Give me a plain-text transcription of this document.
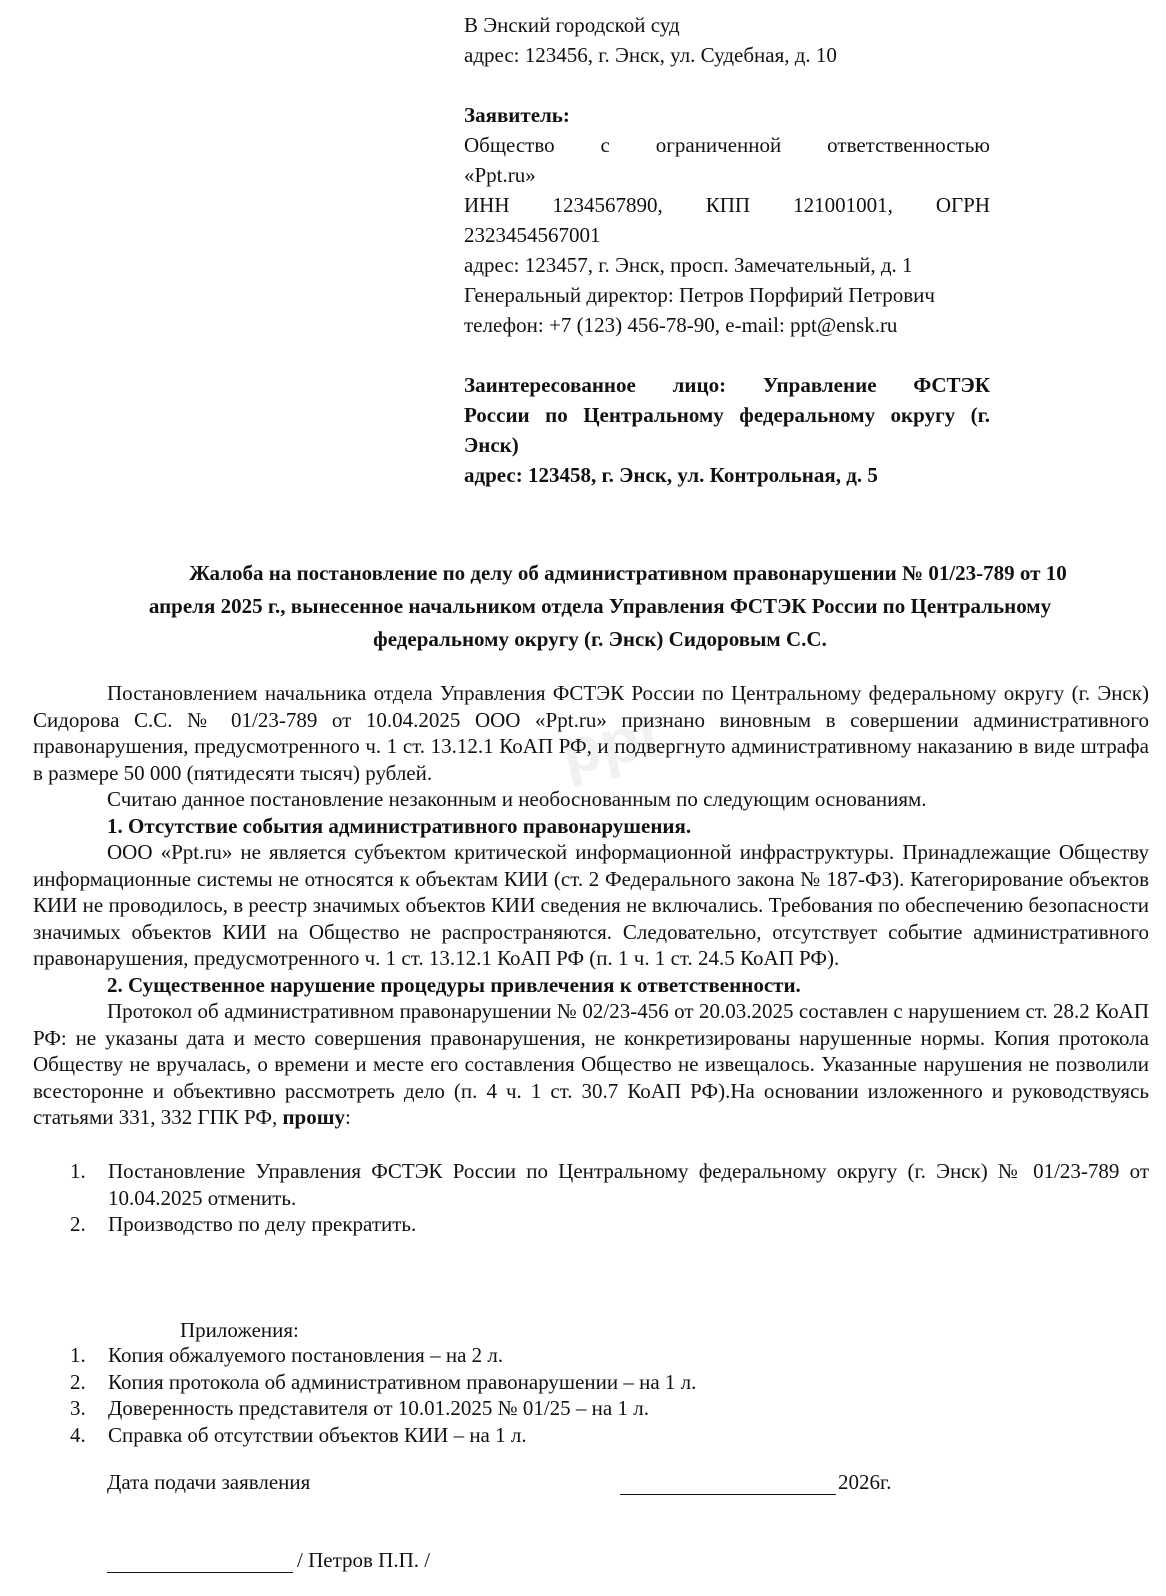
ppt
В Энский городской суд
адрес: 123456, г. Энск, ул. Судебная, д. 10
Заявитель:
Общество с ограниченной ответственностью
«Ppt.ru»
ИНН 1234567890, КПП 121001001, ОГРН
2323454567001
адрес: 123457, г. Энск, просп. Замечательный, д. 1
Генеральный директор: Петров Порфирий Петрович
телефон: +7 (123) 456-78-90, e-mail: ppt@ensk.ru
Заинтересованное лицо: Управление ФСТЭК
России по Центральному федеральному округу (г.
Энск)
адрес: 123458, г. Энск, ул. Контрольная, д. 5
Жалоба на постановление по делу об административном правонарушении № 01/23-789 от 10
апреля 2025 г., вынесенное начальником отдела Управления ФСТЭК России по Центральному
федеральному округу (г. Энск) Сидоровым С.С.

Постановлением начальника отдела Управления ФСТЭК России по Центральному федеральному округу (г. Энск) Сидорова С.С. № 01/23-789 от 10.04.2025 ООО «Ppt.ru» признано виновным в совершении административного правонарушения, предусмотренного ч. 1 ст. 13.12.1 КоАП РФ, и подвергнуто административному наказанию в виде штрафа в размере 50 000 (пятидесяти тысяч) рублей.

Считаю данное постановление незаконным и необоснованным по следующим основаниям.

1. Отсутствие события административного правонарушения.

ООО «Ppt.ru» не является субъектом критической информационной инфраструктуры. Принадлежащие Обществу информационные системы не относятся к объектам КИИ (ст. 2 Федерального закона № 187-ФЗ). Категорирование объектов КИИ не проводилось, в реестр значимых объектов КИИ сведения не включались. Требования по обеспечению безопасности значимых объектов КИИ на Общество не распространяются. Следовательно, отсутствует событие административного правонарушения, предусмотренного ч. 1 ст. 13.12.1 КоАП РФ (п. 1 ч. 1 ст. 24.5 КоАП РФ).

2. Существенное нарушение процедуры привлечения к ответственности.

Протокол об административном правонарушении № 02/23-456 от 20.03.2025 составлен с нарушением ст. 28.2 КоАП РФ: не указаны дата и место совершения правонарушения, не конкретизированы нарушенные нормы. Копия протокола Обществу не вручалась, о времени и месте его составления Общество не извещалось. Указанные нарушения не позволили всесторонне и объективно рассмотреть дело (п. 4 ч. 1 ст. 30.7 КоАП РФ).На основании изложенного и руководствуясь статьями 331, 332 ГПК РФ, прошу:

1.	Постановление Управления ФСТЭК России по Центральному федеральному округу (г. Энск) № 01/23-789 от 10.04.2025 отменить.
2.	Производство по делу прекратить.
Приложения:
1.	Копия обжалуемого постановления – на 2 л.
2.	Копия протокола об административном правонарушении – на 1 л.
3.	Доверенность представителя от 10.01.2025 № 01/25 – на 1 л.
4.	Справка об отсутствии объектов КИИ – на 1 л.
Дата подачи заявления	2026г.
/ Петров П.П. /
